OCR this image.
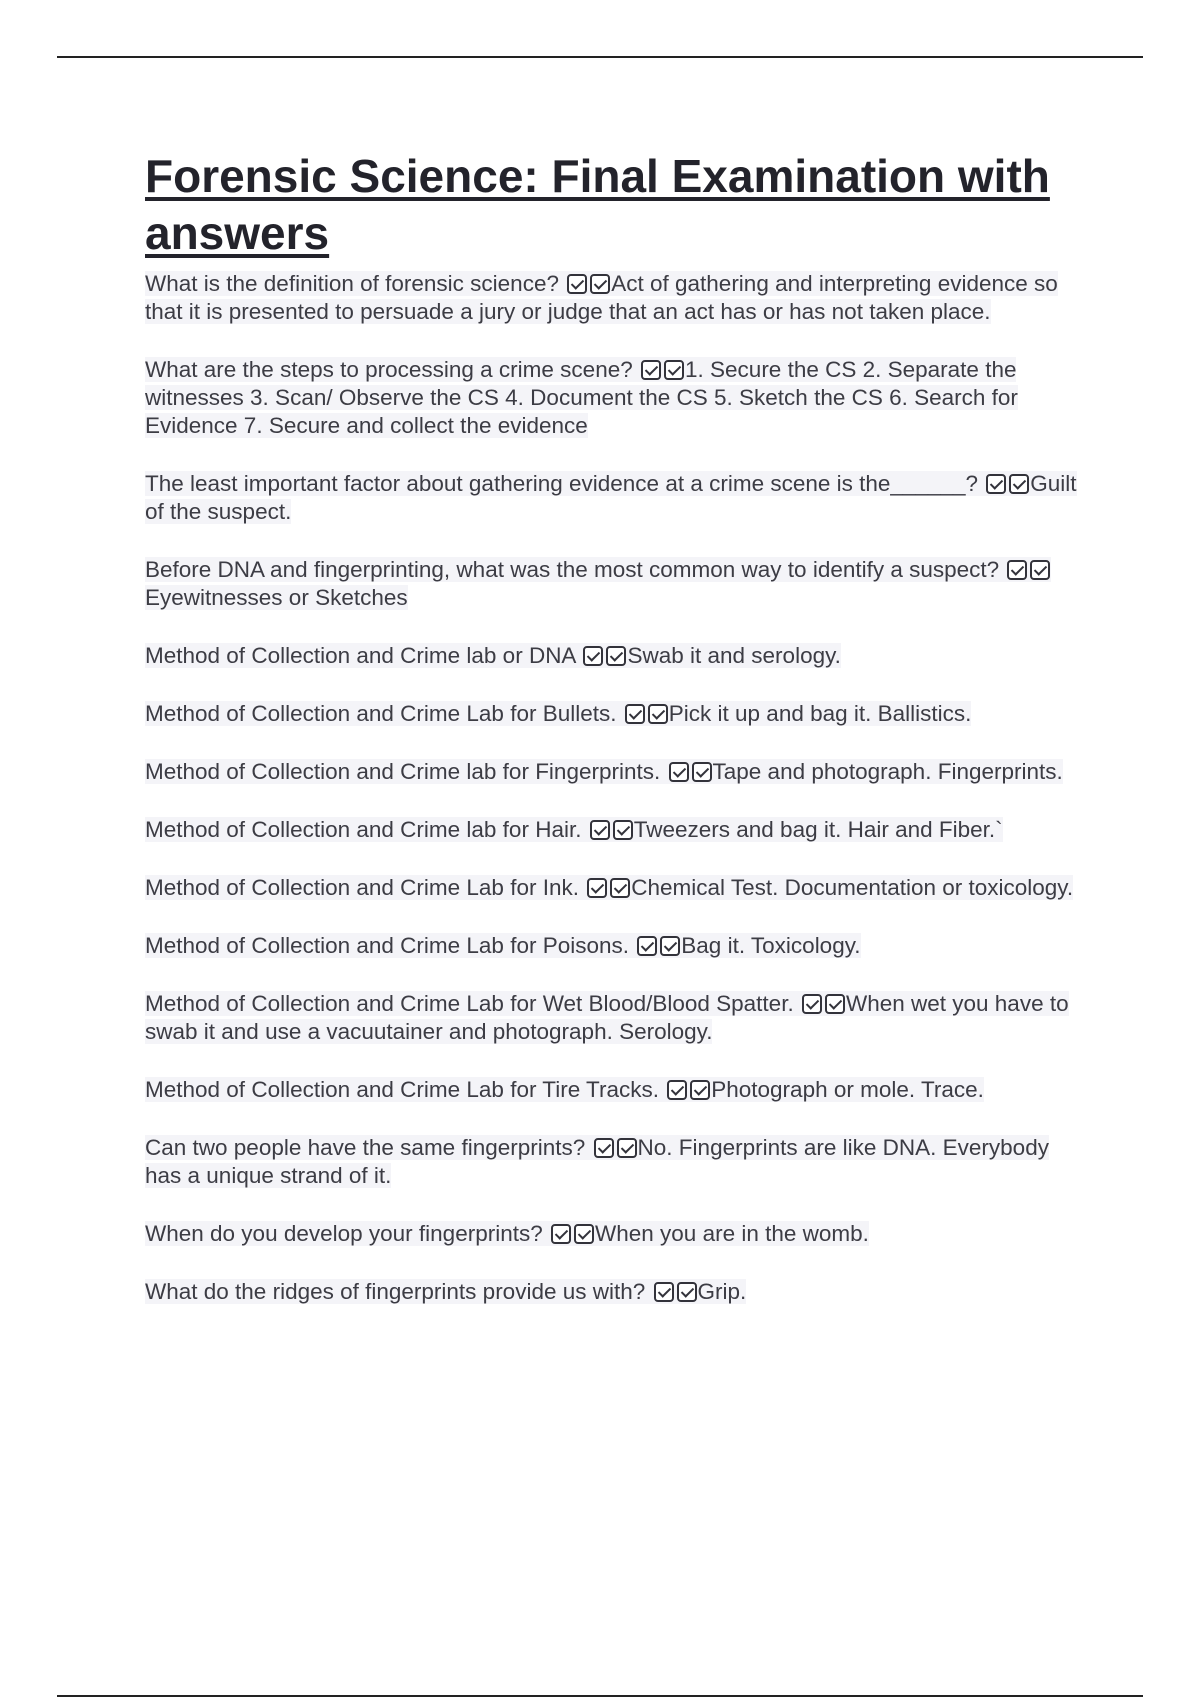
Forensic Science: Final Examination with answers

What is the definition of forensic science? Act of gathering and interpreting evidence so that it is presented to persuade a jury or judge that an act has or has not taken place.

What are the steps to processing a crime scene? 1. Secure the CS 2. Separate the witnesses 3. Scan/ Observe the CS 4. Document the CS 5. Sketch the CS 6. Search for Evidence 7. Secure and collect the evidence

The least important factor about gathering evidence at a crime scene is the______? Guilt of the suspect.

Before DNA and fingerprinting, what was the most common way to identify a suspect? Eyewitnesses or Sketches

Method of Collection and Crime lab or DNA Swab it and serology.

Method of Collection and Crime Lab for Bullets. Pick it up and bag it. Ballistics.

Method of Collection and Crime lab for Fingerprints. Tape and photograph. Fingerprints.

Method of Collection and Crime lab for Hair. Tweezers and bag it. Hair and Fiber.`

Method of Collection and Crime Lab for Ink. Chemical Test. Documentation or toxicology.

Method of Collection and Crime Lab for Poisons. Bag it. Toxicology.

Method of Collection and Crime Lab for Wet Blood/Blood Spatter. When wet you have to swab it and use a vacuutainer and photograph. Serology.

Method of Collection and Crime Lab for Tire Tracks. Photograph or mole. Trace.

Can two people have the same fingerprints? No. Fingerprints are like DNA. Everybody has a unique strand of it.

When do you develop your fingerprints? When you are in the womb.

What do the ridges of fingerprints provide us with? Grip.
